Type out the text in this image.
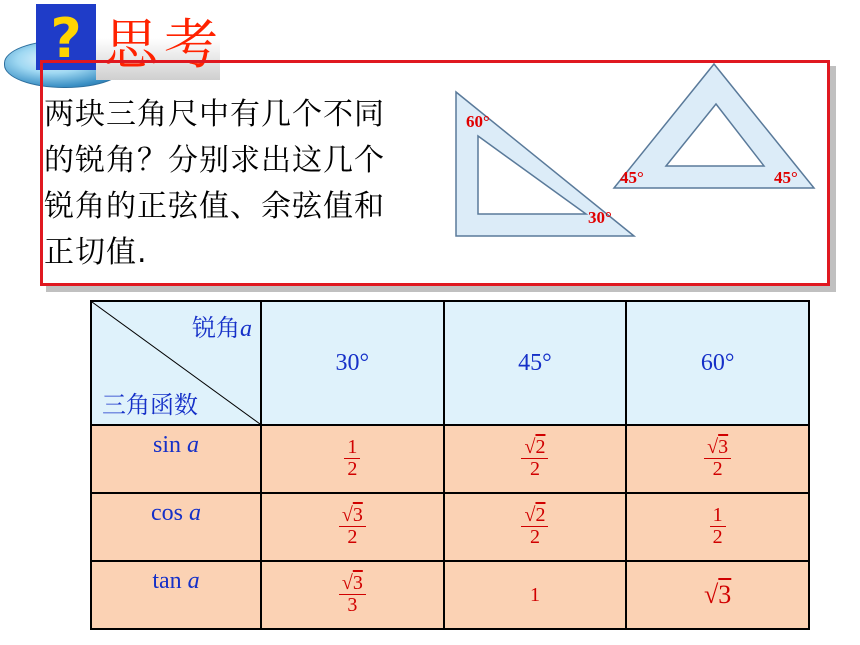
? 思考
两块三角尺中有几个不同的锐角？分别求出这几个锐角的正弦值、余弦值和正切值.
60°
30°
45°	45°
锐角a
三角函数	30°	45°	60°
sin a	$\frac{1}{2}$	$\frac{√2}{2}$	$\frac{√3}{2}$

cos a	$\frac{√3}{2}$	$\frac{√2}{2}$	$\frac{1}{2}$

tan a	$\frac{√3}{3}$	1	√3
